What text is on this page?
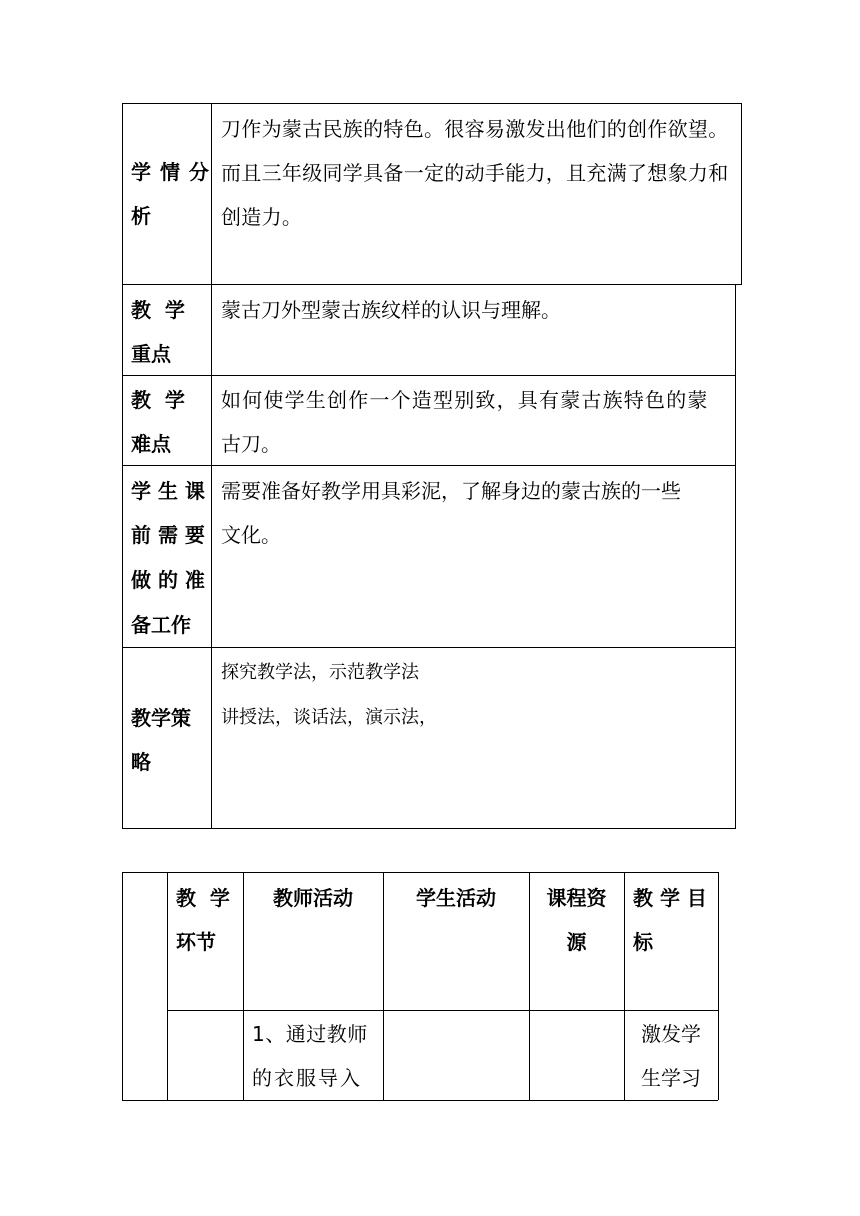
学 情 分
析
刀作为蒙古民族的特色。很容易激发出他们的创作欲望。而且三年级同学具备一定的动手能力，且充满了想象力和创造力。
教  学
重点
蒙古刀外型蒙古族纹样的认识与理解。
教  学
难点
如何使学生创作一个造型别致，具有蒙古族特色的蒙
古刀。
学 生 课
前 需 要
做 的 准
备工作
需要准备好教学用具彩泥，了解身边的蒙古族的一些
文化。
教学策
略
探究教学法，示范教学法
讲授法，谈话法，演示法，
教  学
环节
教师活动	学生活动	课程资
源
教 学 目
标
1、通过教师
的衣服导入
激发学
生学习
